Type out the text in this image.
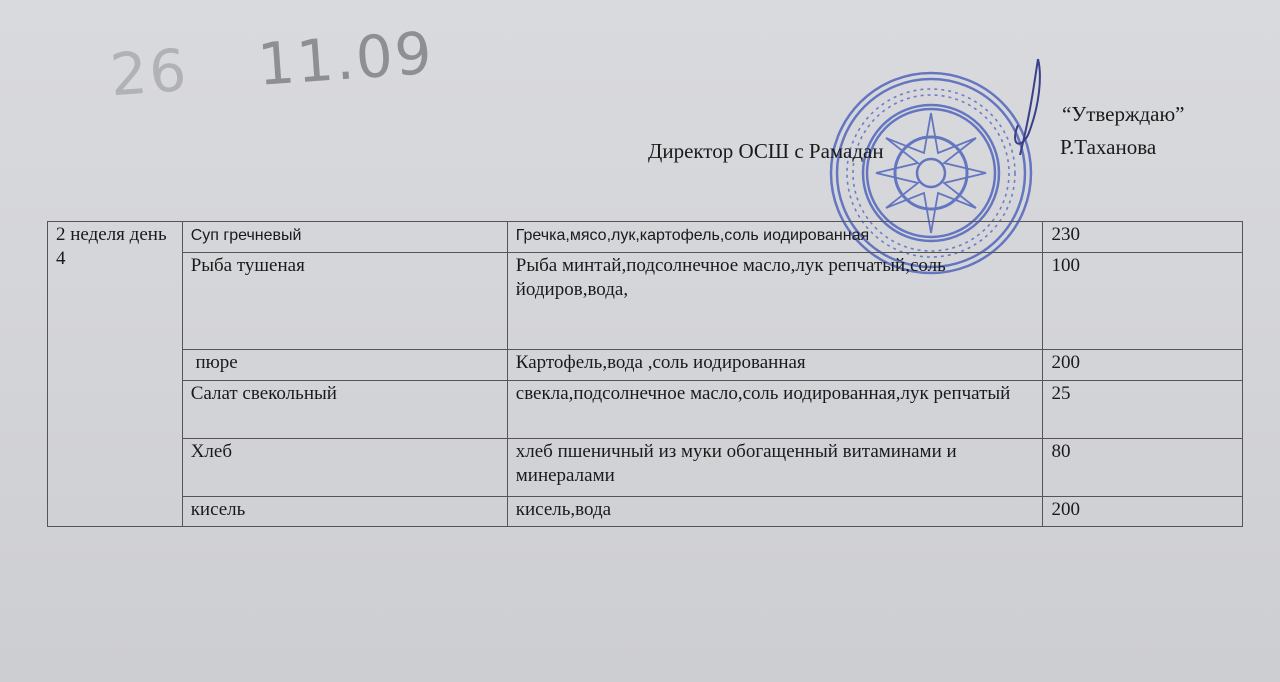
26 11.09
“Утверждаю”
Директор ОСШ с Рамадан	Р.Таханова
2 неделя день 4	Суп гречневый	Гречка,мясо,лук,картофель,соль иодированная	230
	Рыба тушеная	Рыба минтай,подсолнечное масло,лук репчатый,соль йодиров,вода,	100
	пюре	Картофель,вода ,соль иодированная	200
	Салат свекольный	свекла,подсолнечное масло,соль иодированная,лук репчатый	25
	Хлеб	хлеб пшеничный из муки обогащенный витаминами и минералами	80
	кисель	кисель,вода	200
